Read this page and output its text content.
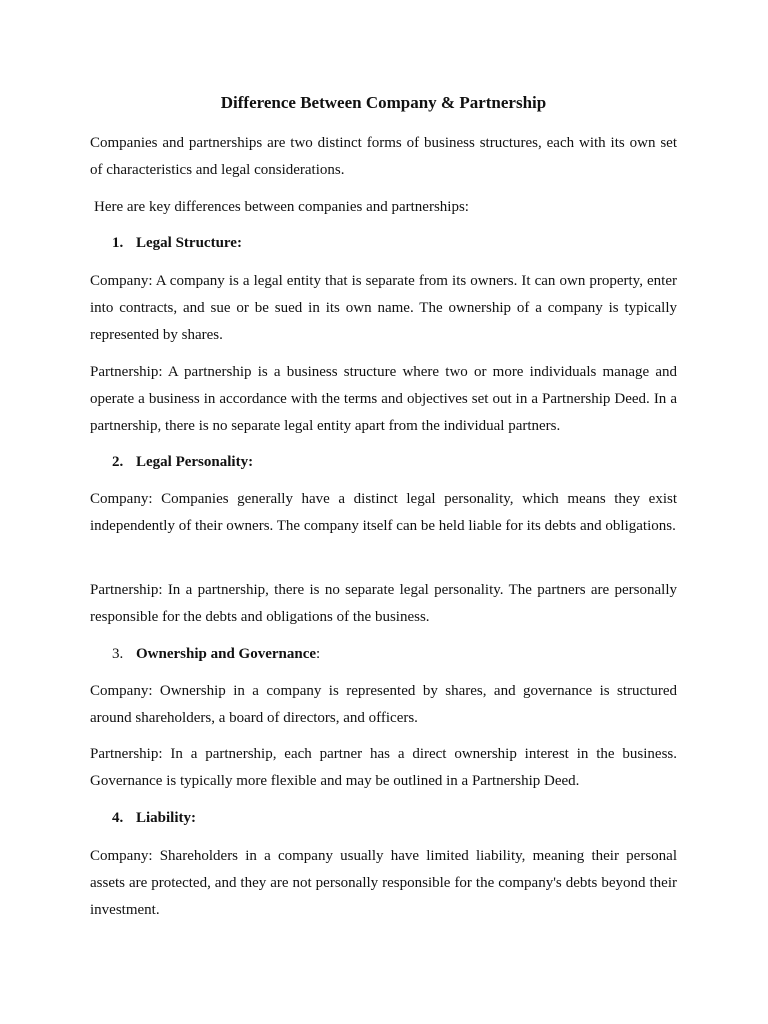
Difference Between Company & Partnership

Companies and partnerships are two distinct forms of business structures, each with its own set of characteristics and legal considerations.

Here are key differences between companies and partnerships:

1. Legal Structure:

Company: A company is a legal entity that is separate from its owners. It can own property, enter into contracts, and sue or be sued in its own name. The ownership of a company is typically represented by shares.

Partnership: A partnership is a business structure where two or more individuals manage and operate a business in accordance with the terms and objectives set out in a Partnership Deed. In a partnership, there is no separate legal entity apart from the individual partners.

2. Legal Personality:

Company: Companies generally have a distinct legal personality, which means they exist independently of their owners. The company itself can be held liable for its debts and obligations.

Partnership: In a partnership, there is no separate legal personality. The partners are personally responsible for the debts and obligations of the business.

3. Ownership and Governance:

Company: Ownership in a company is represented by shares, and governance is structured around shareholders, a board of directors, and officers.

Partnership: In a partnership, each partner has a direct ownership interest in the business. Governance is typically more flexible and may be outlined in a Partnership Deed.

4. Liability:

Company: Shareholders in a company usually have limited liability, meaning their personal assets are protected, and they are not personally responsible for the company's debts beyond their investment.
